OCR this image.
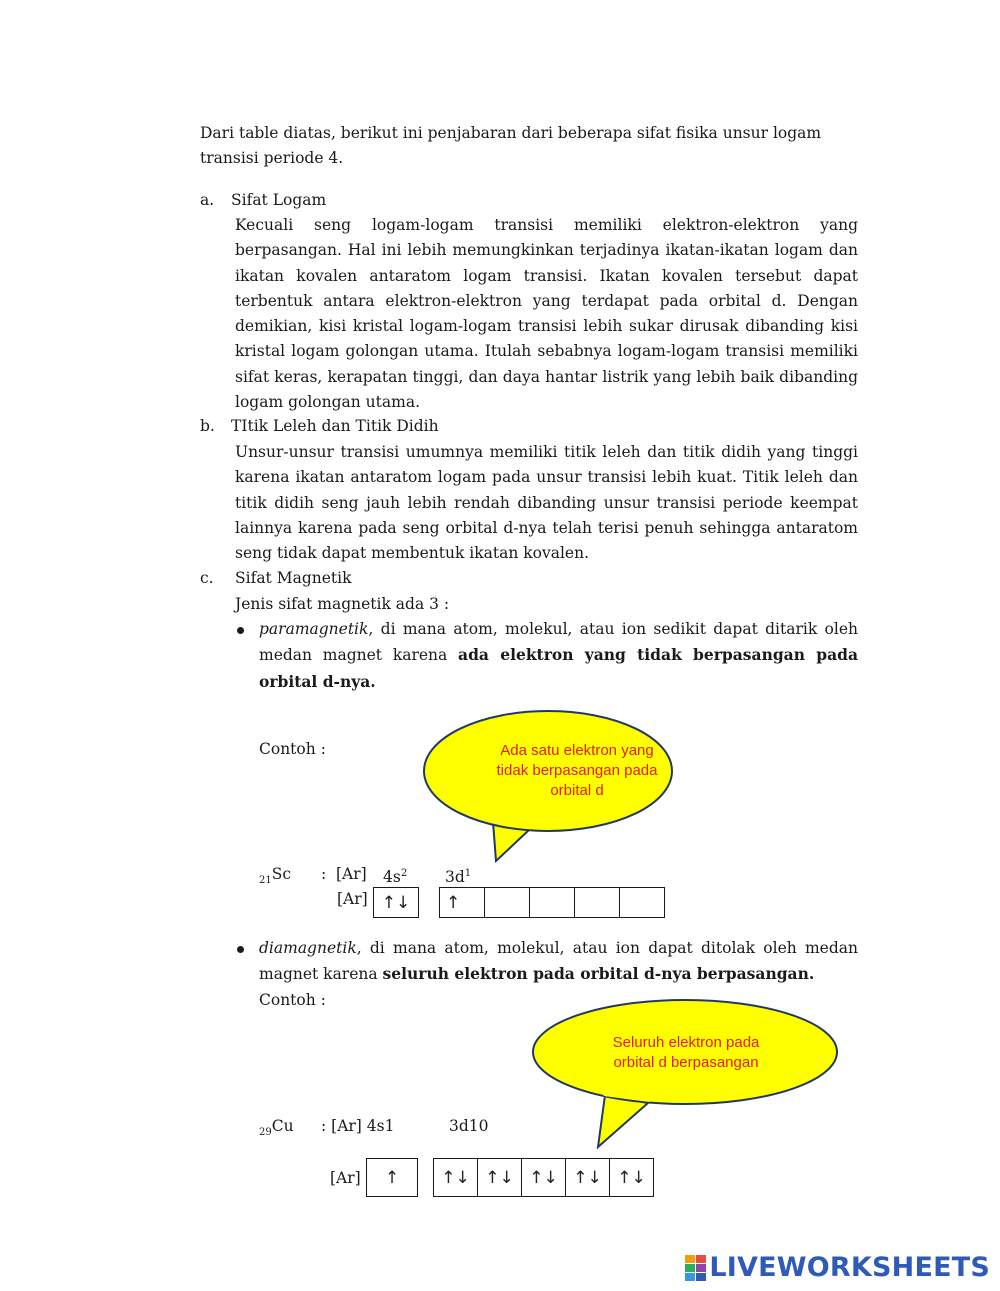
Dari table diatas, berikut ini penjabaran dari beberapa sifat fisika unsur logam
transisi periode 4.
a. Sifat Logam
Kecuali seng logam-logam transisi memiliki elektron-elektron yang berpasangan. Hal ini lebih memungkinkan terjadinya ikatan-ikatan logam dan ikatan kovalen antaratom logam transisi. Ikatan kovalen tersebut dapat terbentuk antara elektron-elektron yang terdapat pada orbital d. Dengan demikian, kisi kristal logam-logam transisi lebih sukar dirusak dibanding kisi kristal logam golongan utama. Itulah sebabnya logam-logam transisi memiliki sifat keras, kerapatan tinggi, dan daya hantar listrik yang lebih baik dibanding logam golongan utama.
b. TItik Leleh dan Titik Didih
Unsur-unsur transisi umumnya memiliki titik leleh dan titik didih yang tinggi karena ikatan antaratom logam pada unsur transisi lebih kuat. Titik leleh dan titik didih seng jauh lebih rendah dibanding unsur transisi periode keempat lainnya karena pada seng orbital d-nya telah terisi penuh sehingga antaratom seng tidak dapat membentuk ikatan kovalen.
c. Sifat Magnetik
Jenis sifat magnetik ada 3 :
paramagnetik, di mana atom, molekul, atau ion sedikit dapat ditarik oleh medan magnet karena ada elektron yang tidak berpasangan pada orbital d-nya.
Contoh :	Ada satu elektron yang
tidak berpasangan pada
orbital d
$_{21}$Sc : [Ar] $4s^2$ $3d^1$
[Ar] ↑↓	↑
diamagnetik, di mana atom, molekul, atau ion dapat ditolak oleh medan magnet karena seluruh elektron pada orbital d-nya berpasangan.
Contoh :
Seluruh elektron pada
orbital d berpasangan
$_{29}$Cu : [Ar] 4s1	3d10
[Ar]	↑	↑↓ ↑↓ ↑↓ ↑↓ ↑↓
LIVEWORKSHEETS
